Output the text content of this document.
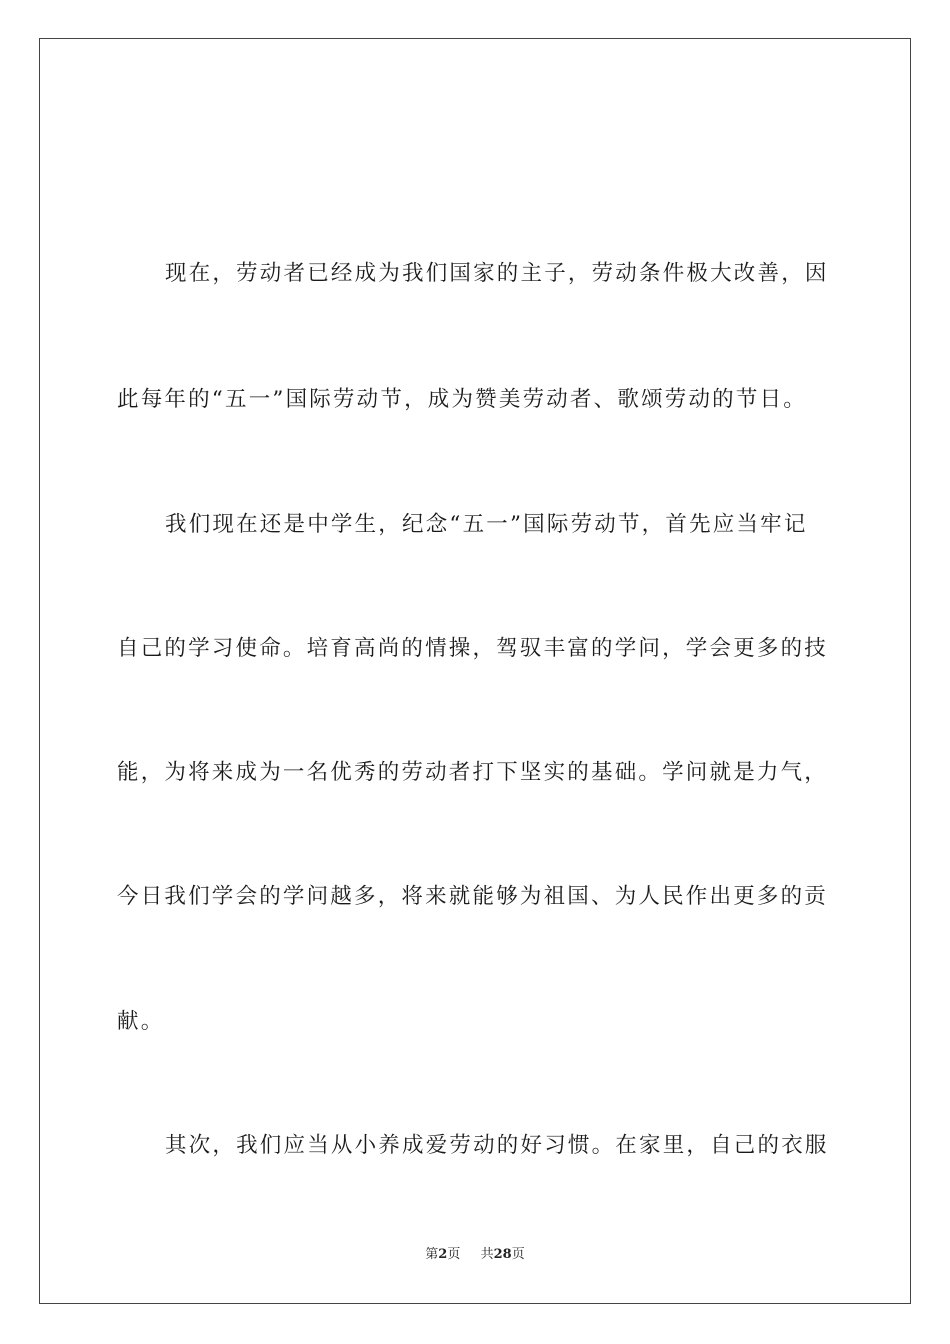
现在，劳动者已经成为我们国家的主子，劳动条件极大改善，因

此每年的“五一”国际劳动节，成为赞美劳动者、歌颂劳动的节日。

我们现在还是中学生，纪念“五一”国际劳动节，首先应当牢记

自己的学习使命。培育高尚的情操，驾驭丰富的学问，学会更多的技

能，为将来成为一名优秀的劳动者打下坚实的基础。学问就是力气，

今日我们学会的学问越多，将来就能够为祖国、为人民作出更多的贡

献。

其次，我们应当从小养成爱劳动的好习惯。在家里，自己的衣服

第2页 共28页
